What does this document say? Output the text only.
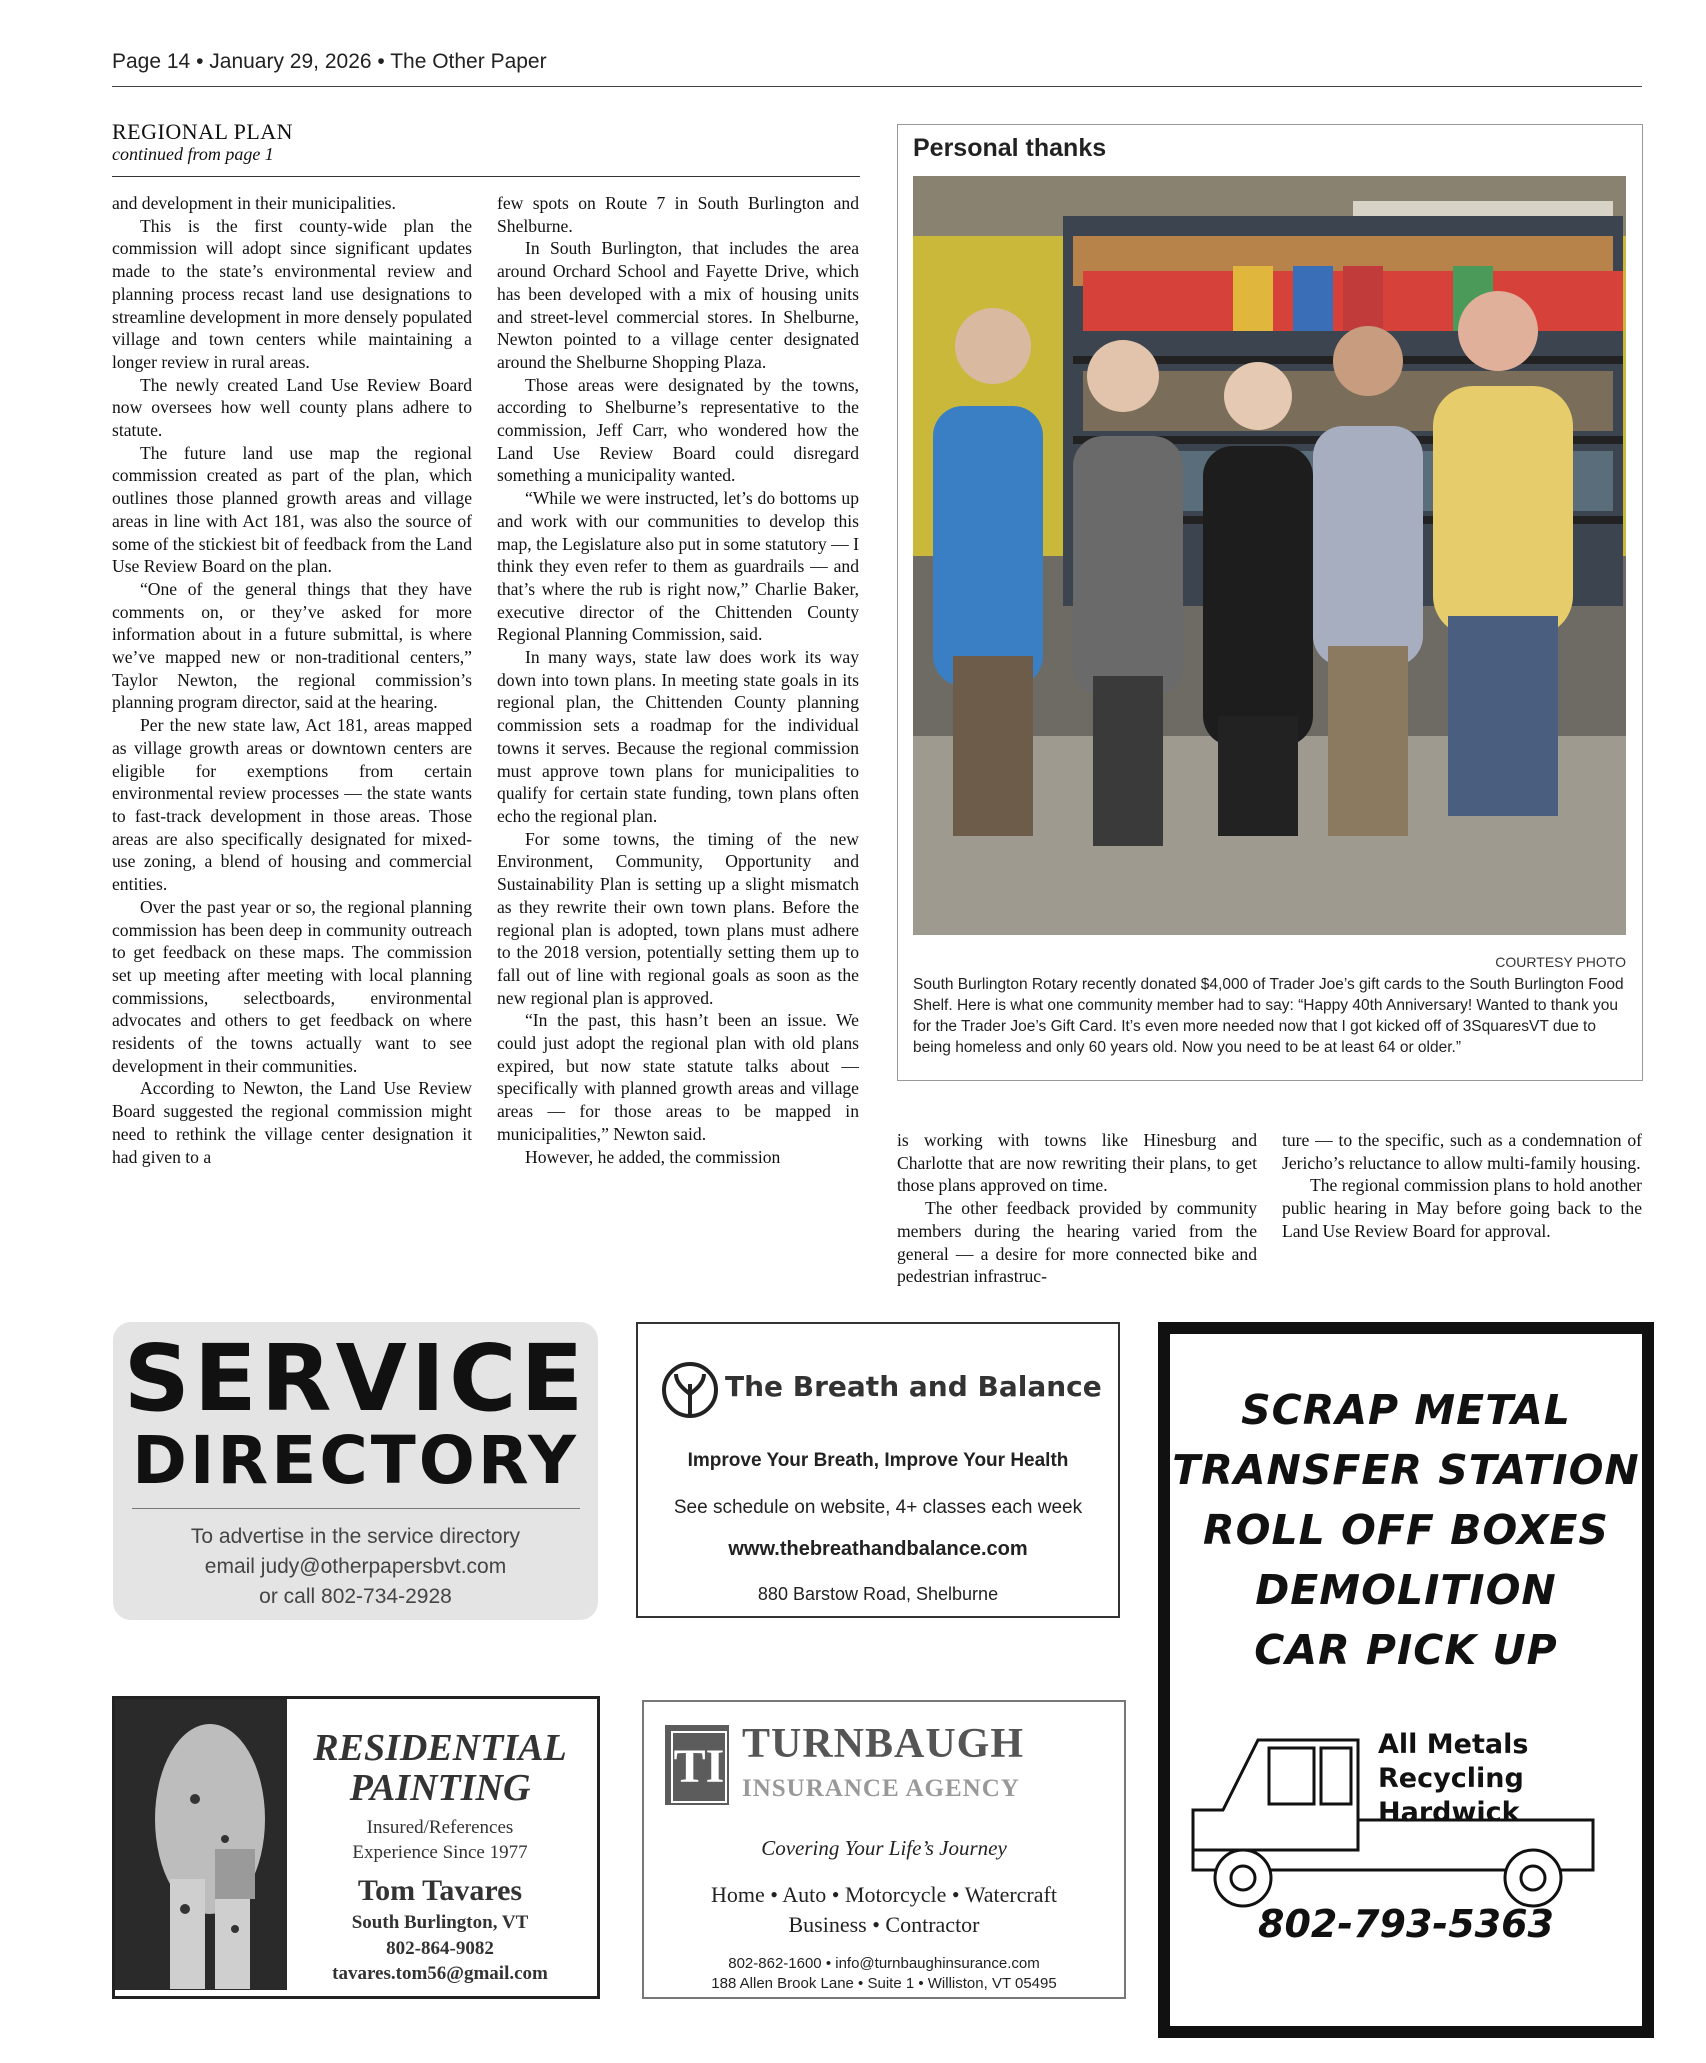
Page 14 • January 29, 2026 • The Other Paper
REGIONAL PLAN
continued from page 1

and development in their municipalities.

This is the first county-wide plan the commission will adopt since significant updates made to the state’s environmental review and planning process recast land use designations to streamline development in more densely populated village and town centers while maintaining a longer review in rural areas.

The newly created Land Use Review Board now oversees how well county plans adhere to statute.

The future land use map the regional commission created as part of the plan, which outlines those planned growth areas and village areas in line with Act 181, was also the source of some of the stickiest bit of feedback from the Land Use Review Board on the plan.

“One of the general things that they have comments on, or they’ve asked for more information about in a future submittal, is where we’ve mapped new or non-traditional centers,” Taylor Newton, the regional commission’s planning program director, said at the hearing.

Per the new state law, Act 181, areas mapped as village growth areas or downtown centers are eligible for exemptions from certain environmental review processes — the state wants to fast-track development in those areas. Those areas are also specifically designated for mixed-use zoning, a blend of housing and commercial entities.

Over the past year or so, the regional planning commission has been deep in community outreach to get feedback on these maps. The commission set up meeting after meeting with local planning commissions, selectboards, environmental advocates and others to get feedback on where residents of the towns actually want to see development in their communities.

According to Newton, the Land Use Review Board suggested the regional commission might need to rethink the village center designation it had given to a

few spots on Route 7 in South Burlington and Shelburne.

In South Burlington, that includes the area around Orchard School and Fayette Drive, which has been developed with a mix of housing units and street-level commercial stores. In Shelburne, Newton pointed to a village center designated around the Shelburne Shopping Plaza.

Those areas were designated by the towns, according to Shelburne’s representative to the commission, Jeff Carr, who wondered how the Land Use Review Board could disregard something a municipality wanted.

“While we were instructed, let’s do bottoms up and work with our communities to develop this map, the Legislature also put in some statutory — I think they even refer to them as guardrails — and that’s where the rub is right now,” Charlie Baker, executive director of the Chittenden County Regional Planning Commission, said.

In many ways, state law does work its way down into town plans. In meeting state goals in its regional plan, the Chittenden County planning commission sets a roadmap for the individual towns it serves. Because the regional commission must approve town plans for municipalities to qualify for certain state funding, town plans often echo the regional plan.

For some towns, the timing of the new Environment, Community, Opportunity and Sustainability Plan is setting up a slight mismatch as they rewrite their own town plans. Before the regional plan is adopted, town plans must adhere to the 2018 version, potentially setting them up to fall out of line with regional goals as soon as the new regional plan is approved.

“In the past, this hasn’t been an issue. We could just adopt the regional plan with old plans expired, but now state statute talks about — specifically with planned growth areas and village areas — for those areas to be mapped in municipalities,” Newton said.

However, he added, the commission

is working with towns like Hinesburg and Charlotte that are now rewriting their plans, to get those plans approved on time.

The other feedback provided by community members during the hearing varied from the general — a desire for more connected bike and pedestrian infrastruc-

ture — to the specific, such as a condemnation of Jericho’s reluctance to allow multi-family housing.

The regional commission plans to hold another public hearing in May before going back to the Land Use Review Board for approval.

Personal thanks
COURTESY PHOTO
South Burlington Rotary recently donated $4,000 of Trader Joe’s gift cards to the South Burlington Food Shelf. Here is what one community member had to say: “Happy 40th Anniversary! Wanted to thank you for the Trader Joe’s Gift Card. It’s even more needed now that I got kicked off of 3SquaresVT due to being homeless and only 60 years old. Now you need to be at least 64 or older.”
SERVICE
DIRECTORY
To advertise in the service directory
email judy@otherpapersbvt.com
or call 802-734-2928
The Breath and Balance
Improve Your Breath, Improve Your Health
See schedule on website, 4+ classes each week
www.thebreathandbalance.com
880 Barstow Road, Shelburne
SCRAP METAL
TRANSFER STATION
ROLL OFF BOXES
DEMOLITION
CAR PICK UP
All Metals
Recycling
Hardwick
802-793-5363
RESIDENTIAL
PAINTING
Insured/References
Experience Since 1977
Tom Tavares
South Burlington, VT
802-864-9082
tavares.tom56@gmail.com
TI TURNBAUGH
INSURANCE AGENCY
Covering Your Life’s Journey
Home • Auto • Motorcycle • Watercraft
Business • Contractor
802-862-1600 • info@turnbaughinsurance.com
188 Allen Brook Lane • Suite 1 • Williston, VT 05495
